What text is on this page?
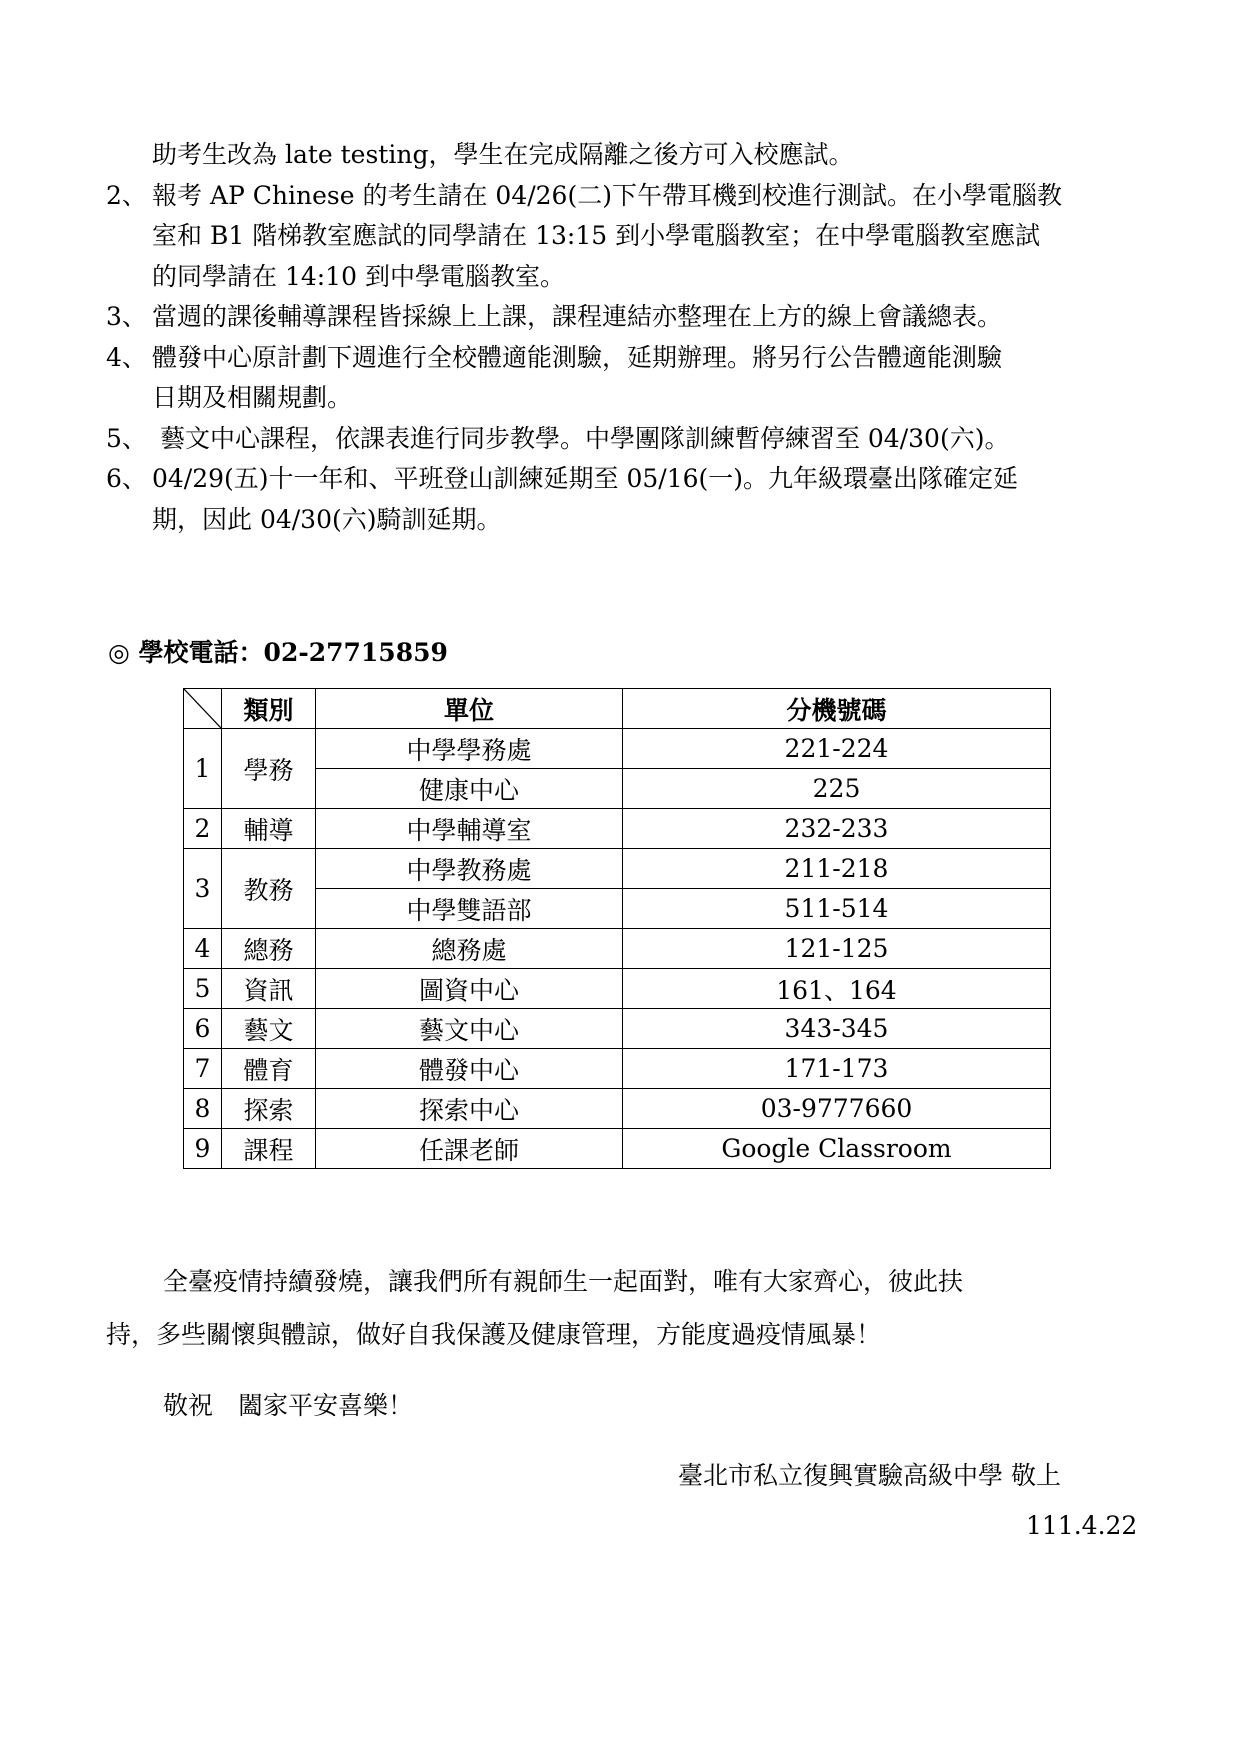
助考生改為 late testing，學生在完成隔離之後方可入校應試。
2、 報考 AP Chinese 的考生請在 04/26(二)下午帶耳機到校進行測試。在小學電腦教
室和 B1 階梯教室應試的同學請在 13:15 到小學電腦教室；在中學電腦教室應試
的同學請在 14:10 到中學電腦教室。
3、 當週的課後輔導課程皆採線上上課，課程連結亦整理在上方的線上會議總表。
4、 體發中心原計劃下週進行全校體適能測驗，延期辦理。將另行公告體適能測驗
日期及相關規劃。
5、 藝文中心課程，依課表進行同步教學。中學團隊訓練暫停練習至 04/30(六)。
6、 04/29(五)十一年和、平班登山訓練延期至 05/16(一)。九年級環臺出隊確定延
期，因此 04/30(六)騎訓延期。
◎ 學校電話：02-27715859
	類別	單位	分機號碼
1	學務	中學學務處	221-224
		健康中心	225
2	輔導	中學輔導室	232-233
3	教務	中學教務處	211-218
		中學雙語部	511-514
4	總務	總務處	121-125
5	資訊	圖資中心	161、164
6	藝文	藝文中心	343-345
7	體育	體發中心	171-173
8	探索	探索中心	03-9777660
9	課程	任課老師	Google Classroom
全臺疫情持續發燒，讓我們所有親師生一起面對，唯有大家齊心，彼此扶
持，多些關懷與體諒，做好自我保護及健康管理，方能度過疫情風暴！
敬祝　闔家平安喜樂！
臺北市私立復興實驗高級中學 敬上
111.4.22
